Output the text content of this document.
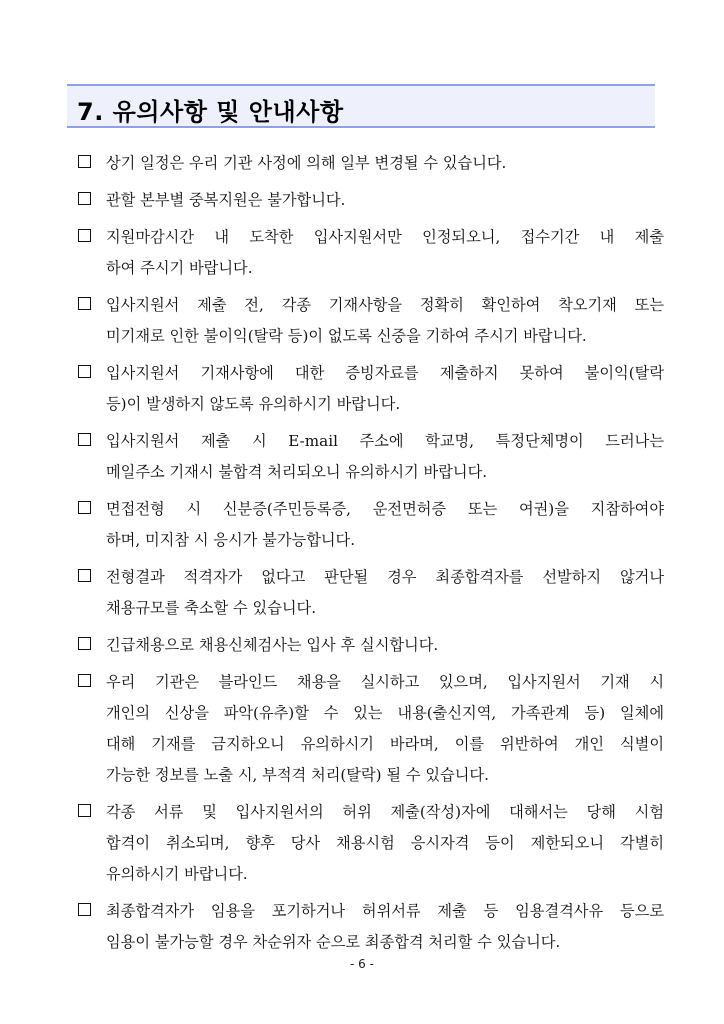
7. 유의사항 및 안내사항
상기 일정은 우리 기관 사정에 의해 일부 변경될 수 있습니다.
관할 본부별 중복지원은 불가합니다.
지원마감시간 내 도착한 입사지원서만 인정되오니, 접수기간 내 제출
하여 주시기 바랍니다.
입사지원서 제출 전, 각종 기재사항을 정확히 확인하여 착오기재 또는
미기재로 인한 불이익(탈락 등)이 없도록 신중을 기하여 주시기 바랍니다.
입사지원서 기재사항에 대한 증빙자료를 제출하지 못하여 불이익(탈락
등)이 발생하지 않도록 유의하시기 바랍니다.
입사지원서 제출 시 E-mail 주소에 학교명, 특정단체명이 드러나는
메일주소 기재시 불합격 처리되오니 유의하시기 바랍니다.
면접전형 시 신분증(주민등록증, 운전면허증 또는 여권)을 지참하여야
하며, 미지참 시 응시가 불가능합니다.
전형결과 적격자가 없다고 판단될 경우 최종합격자를 선발하지 않거나
채용규모를 축소할 수 있습니다.
긴급채용으로 채용신체검사는 입사 후 실시합니다.
우리 기관은 블라인드 채용을 실시하고 있으며, 입사지원서 기재 시
개인의 신상을 파악(유추)할 수 있는 내용(출신지역, 가족관계 등) 일체에
대해 기재를 금지하오니 유의하시기 바라며, 이를 위반하여 개인 식별이
가능한 정보를 노출 시, 부적격 처리(탈락) 될 수 있습니다.
각종 서류 및 입사지원서의 허위 제출(작성)자에 대해서는 당해 시험
합격이 취소되며, 향후 당사 채용시험 응시자격 등이 제한되오니 각별히
유의하시기 바랍니다.
최종합격자가 임용을 포기하거나 허위서류 제출 등 임용결격사유 등으로
임용이 불가능할 경우 차순위자 순으로 최종합격 처리할 수 있습니다.
- 6 -
